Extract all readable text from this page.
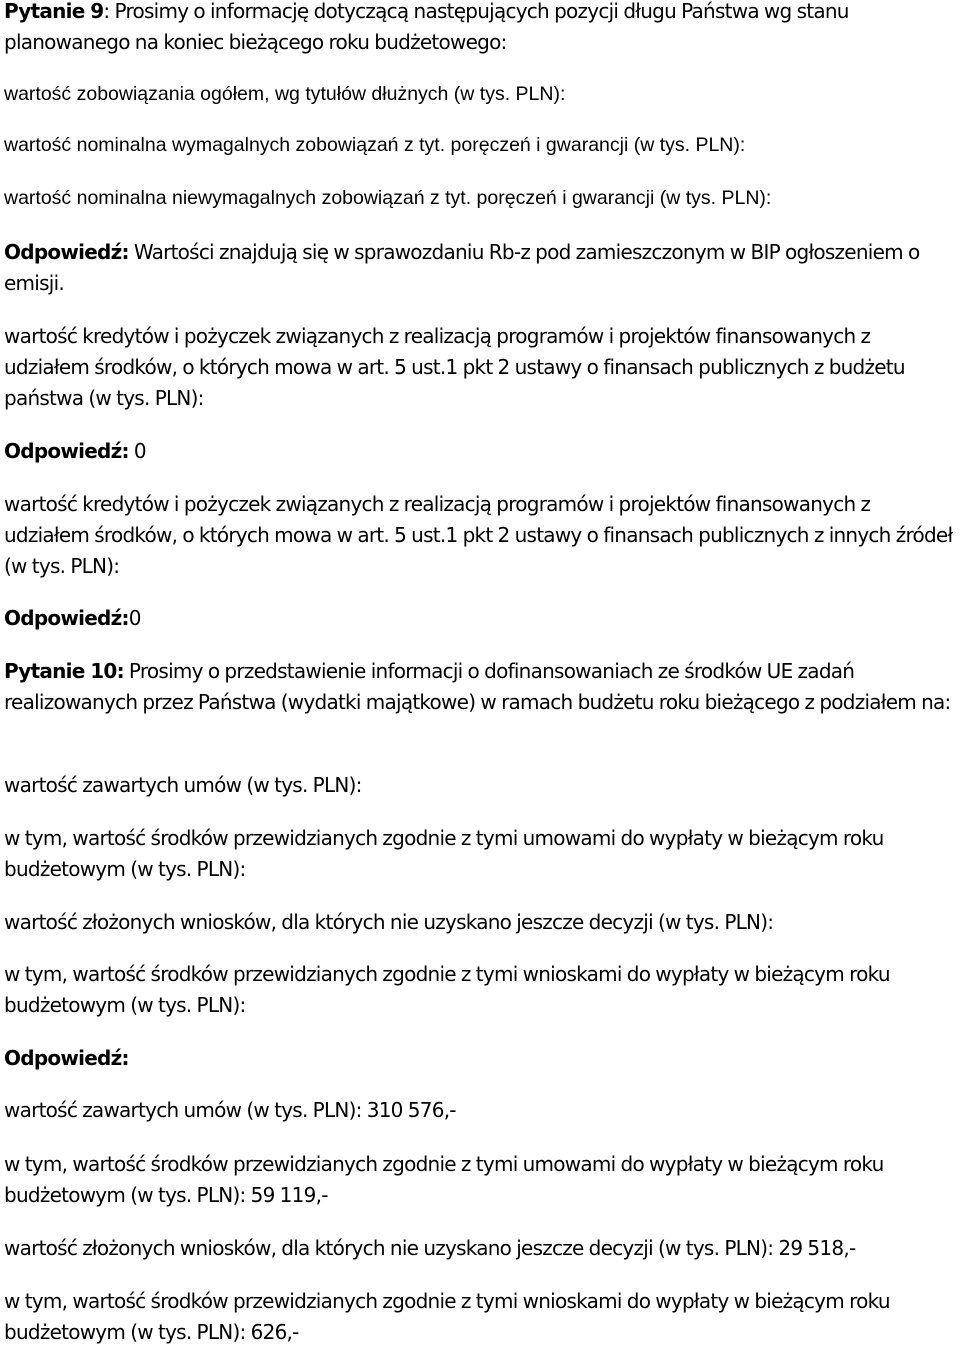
Pytanie 9: Prosimy o informację dotyczącą następujących pozycji długu Państwa wg stanu planowanego na koniec bieżącego roku budżetowego:

wartość zobowiązania ogółem, wg tytułów dłużnych (w tys. PLN):

wartość nominalna wymagalnych zobowiązań z tyt. poręczeń i gwarancji (w tys. PLN):

wartość nominalna niewymagalnych zobowiązań z tyt. poręczeń i gwarancji (w tys. PLN):

Odpowiedź: Wartości znajdują się w sprawozdaniu Rb-z pod zamieszczonym w BIP ogłoszeniem o emisji.

wartość kredytów i pożyczek związanych z realizacją programów i projektów finansowanych z udziałem środków, o których mowa w art. 5 ust.1 pkt 2 ustawy o finansach publicznych z budżetu państwa (w tys. PLN):

Odpowiedź: 0

wartość kredytów i pożyczek związanych z realizacją programów i projektów finansowanych z udziałem środków, o których mowa w art. 5 ust.1 pkt 2 ustawy o finansach publicznych z innych źródeł (w tys. PLN):

Odpowiedź:0

Pytanie 10: Prosimy o przedstawienie informacji o dofinansowaniach ze środków UE zadań realizowanych przez Państwa (wydatki majątkowe) w ramach budżetu roku bieżącego z podziałem na:

wartość zawartych umów (w tys. PLN):

w tym, wartość środków przewidzianych zgodnie z tymi umowami do wypłaty w bieżącym roku budżetowym (w tys. PLN):

wartość złożonych wniosków, dla których nie uzyskano jeszcze decyzji (w tys. PLN):

w tym, wartość środków przewidzianych zgodnie z tymi wnioskami do wypłaty w bieżącym roku budżetowym (w tys. PLN):

Odpowiedź:

wartość zawartych umów (w tys. PLN): 310 576,-

w tym, wartość środków przewidzianych zgodnie z tymi umowami do wypłaty w bieżącym roku budżetowym (w tys. PLN): 59 119,-

wartość złożonych wniosków, dla których nie uzyskano jeszcze decyzji (w tys. PLN): 29 518,-

w tym, wartość środków przewidzianych zgodnie z tymi wnioskami do wypłaty w bieżącym roku budżetowym (w tys. PLN): 626,-
